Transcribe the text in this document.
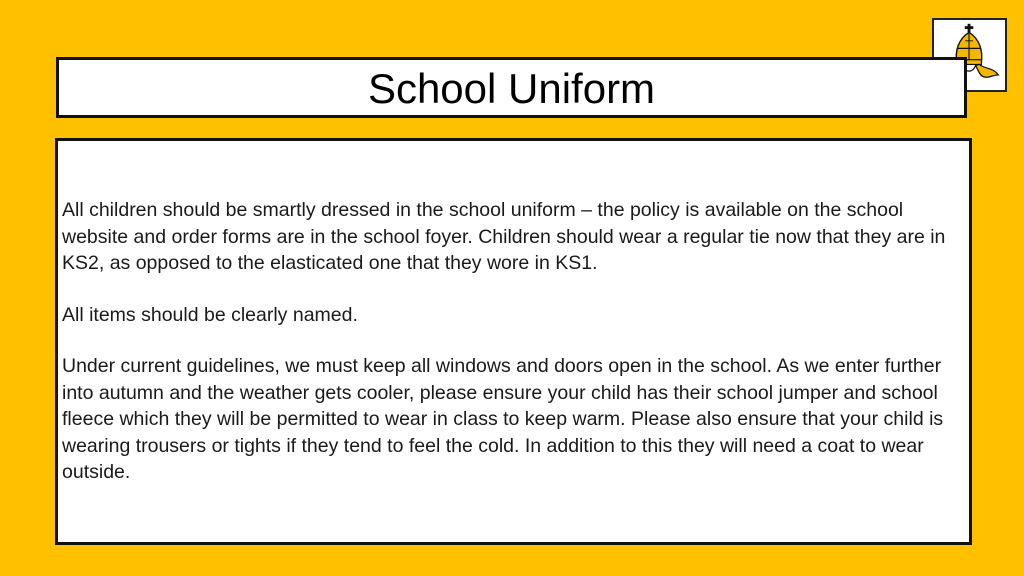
School Uniform

All children should be smartly dressed in the school uniform – the policy is available on the school website and order forms are in the school foyer. Children should wear a regular tie now that they are in KS2, as opposed to the elasticated one that they wore in KS1.

All items should be clearly named.

Under current guidelines, we must keep all windows and doors open in the school. As we enter further into autumn and the weather gets cooler, please ensure your child has their school jumper and school fleece which they will be permitted to wear in class to keep warm. Please also ensure that your child is wearing trousers or tights if they tend to feel the cold. In addition to this they will need a coat to wear outside.
